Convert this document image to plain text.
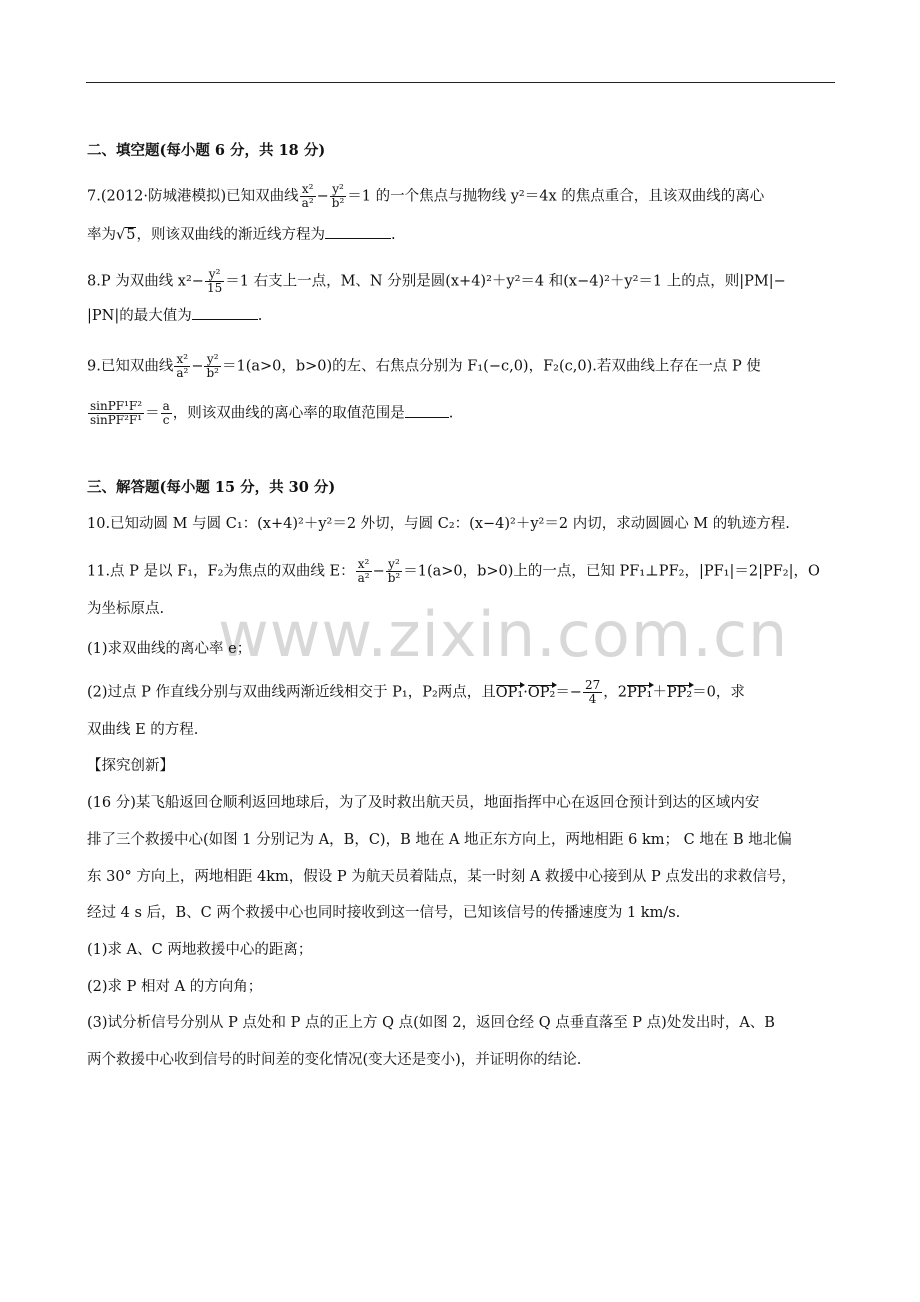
www.zixin.com.cn
二、填空题(每小题 6 分，共 18 分)
7.(2012·防城港模拟)已知双曲线 $\frac{\text{x²}}{\text{a²}} - \frac{\text{y²}}{\text{b²}} =1$ 的一个焦点与抛物线 y²＝4x 的焦点重合，且该双曲线的离心
率为√5，则该双曲线的渐近线方程为	.
8.P 为双曲线 $x^2- \frac{\text{y²}}{15} =1$ 右支上一点，M、N 分别是圆(x+4)²＋y²＝4 和(x−4)²＋y²＝1 上的点，则|PM|−
|PN|的最大值为	.
9.已知双曲线 $\frac{\text{x²}}{\text{a²}} - \frac{\text{y²}}{\text{b²}} =1(a>0$，b>0)的左、右焦点分别为 F₁(−c,0)，F₂(c,0).若双曲线上存在一点 P 使
$\frac{\text{sinPF¹F²}}{\text{sinPF²F¹}} = \frac{a}{c}$ ，则该双曲线的离心率的取值范围是	.
三、解答题(每小题 15 分，共 30 分)
10.已知动圆 M 与圆 C₁：(x+4)²＋y²＝2 外切，与圆 C₂：(x−4)²＋y²＝2 内切，求动圆圆心 M 的轨迹方程.
11.点 P 是以 F₁，F₂为焦点的双曲线 E： $\frac{\text{x²}}{\text{a²}} - \frac{\text{y²}}{\text{b²}} =1(a>0$，b>0)上的一点，已知 PF₁⊥PF₂，|PF₁|＝2|PF₂|，O
为坐标原点.
(1)求双曲线的离心率 e；
(2)过点 P 作直线分别与双曲线两渐近线相交于 P₁，P₂两点，且$OP_1\cdot OP_2=- \frac{27}{4}$ ，2PP₁＋PP₂＝0，求
双曲线 E 的方程.
【探究创新】
(16 分)某飞船返回仓顺利返回地球后，为了及时救出航天员，地面指挥中心在返回仓预计到达的区域内安
排了三个救援中心(如图 1 分别记为 A，B，C)，B 地在 A 地正东方向上，两地相距 6 km； C 地在 B 地北偏
东 30° 方向上，两地相距 4km，假设 P 为航天员着陆点，某一时刻 A 救援中心接到从 P 点发出的求救信号，
经过 4 s 后，B、C 两个救援中心也同时接收到这一信号，已知该信号的传播速度为 1 km/s.
(1)求 A、C 两地救援中心的距离；
(2)求 P 相对 A 的方向角；
(3)试分析信号分别从 P 点处和 P 点的正上方 Q 点(如图 2，返回仓经 Q 点垂直落至 P 点)处发出时，A、B
两个救援中心收到信号的时间差的变化情况(变大还是变小)，并证明你的结论.
